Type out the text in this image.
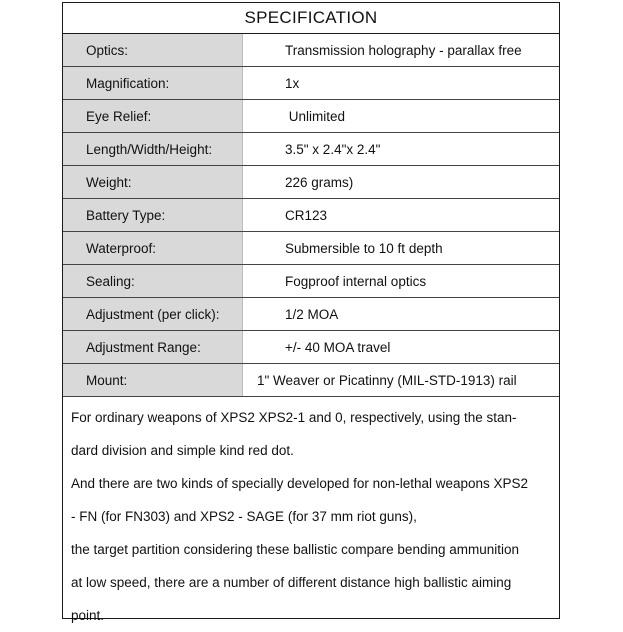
SPECIFICATION
Optics:	Transmission holography - parallax free
Magnification:	1x
Eye Relief:	Unlimited
Length/Width/Height:	3.5" x 2.4"x 2.4"
Weight:	226 grams)
Battery Type:	CR123
Waterproof:	Submersible to 10 ft depth
Sealing:	Fogproof internal optics
Adjustment (per click):	1/2 MOA
Adjustment Range:	+/- 40 MOA travel
Mount:	1" Weaver or Picatinny (MIL-STD-1913) rail

For ordinary weapons of XPS2 XPS2-1 and 0, respectively, using the stan-

dard division and simple kind red dot.

And there are two kinds of specially developed for non-lethal weapons XPS2

- FN (for FN303) and XPS2 - SAGE (for 37 mm riot guns),

the target partition considering these ballistic compare bending ammunition

at low speed, there are a number of different distance high ballistic aiming

point.
